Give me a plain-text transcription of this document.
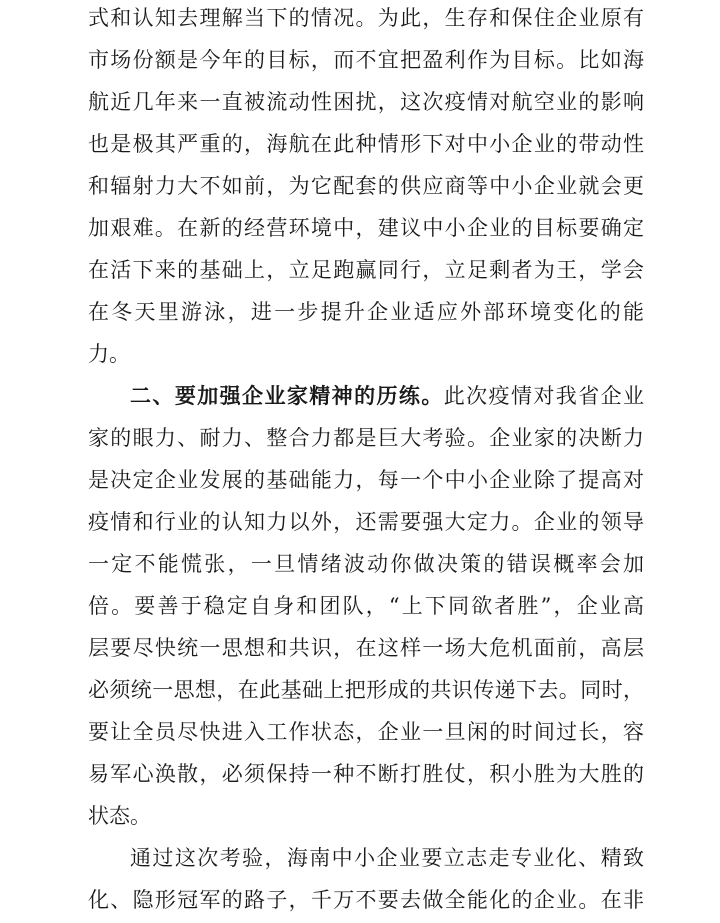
式和认知去理解当下的情况。为此，生存和保住企业原有
市场份额是今年的目标，而不宜把盈利作为目标。比如海
航近几年来一直被流动性困扰，这次疫情对航空业的影响
也是极其严重的，海航在此种情形下对中小企业的带动性
和辐射力大不如前，为它配套的供应商等中小企业就会更
加艰难。在新的经营环境中，建议中小企业的目标要确定
在活下来的基础上，立足跑赢同行，立足剩者为王，学会
在冬天里游泳，进一步提升企业适应外部环境变化的能
力。
二、要加强企业家精神的历练。此次疫情对我省企业
家的眼力、耐力、整合力都是巨大考验。企业家的决断力
是决定企业发展的基础能力，每一个中小企业除了提高对
疫情和行业的认知力以外，还需要强大定力。企业的领导
一定不能慌张，一旦情绪波动你做决策的错误概率会加
倍。要善于稳定自身和团队，“上下同欲者胜”，企业高
层要尽快统一思想和共识，在这样一场大危机面前，高层
必须统一思想，在此基础上把形成的共识传递下去。同时，
要让全员尽快进入工作状态，企业一旦闲的时间过长，容
易军心涣散，必须保持一种不断打胜仗，积小胜为大胜的
状态。
通过这次考验，海南中小企业要立志走专业化、精致
化、隐形冠军的路子，千万不要去做全能化的企业。在非
